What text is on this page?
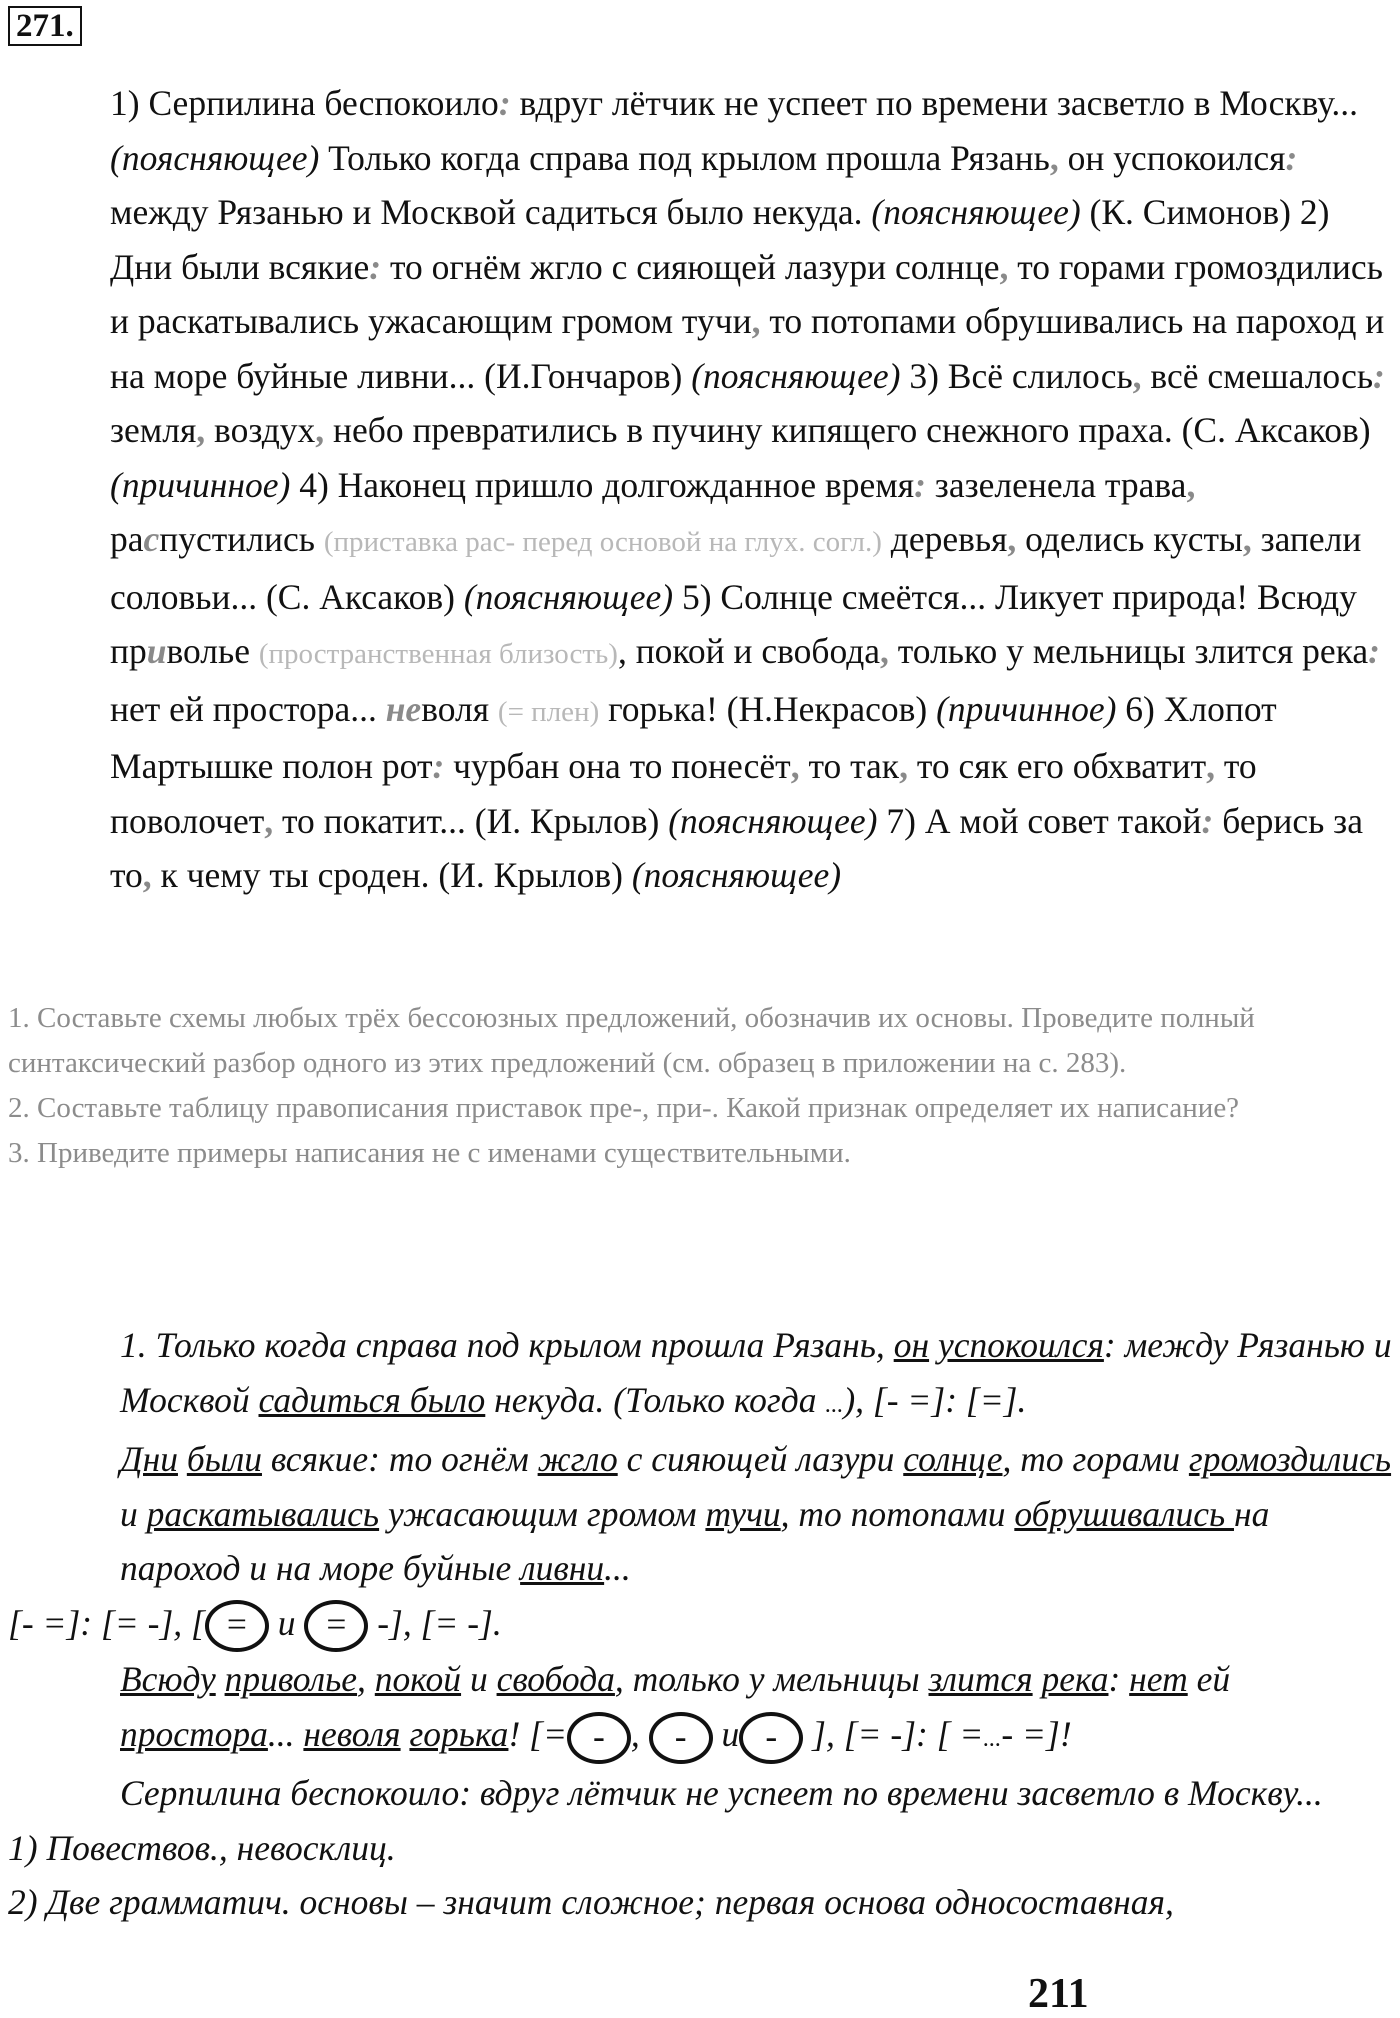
271.

1) Серпилина беспокоило: вдруг лётчик не успеет по времени засветло в Москву... (поясняющее) Только когда справа под крылом прошла Рязань, он успокоился: между Рязанью и Москвой садиться было некуда. (поясняющее) (К. Симонов) 2) Дни были всякие: то огнём жгло с сияющей лазури солнце, то горами громоздились и раскатывались ужасающим громом тучи, то потопами обрушивались на пароход и на море буйные ливни... (И.Гончаров) (поясняющее) 3) Всё слилось, всё смешалось: земля, воздух, небо превратились в пучину кипящего снежного праха. (С. Аксаков) (причинное) 4) Наконец пришло долгожданное время: зазеленела трава, распустились (приставка рас- перед основой на глух. согл.) деревья, оделись кусты, запели соловьи... (С. Аксаков) (поясняющее) 5) Солнце смеётся... Ликует природа! Всюду приволье (пространственная близость), покой и свобода, только у мельницы злится река: нет ей простора... неволя (= плен) горька! (Н.Некрасов) (причинное) 6) Хлопот Мартышке полон рот: чурбан она то понесёт, то так, то сяк его обхватит, то поволочет, то покатит... (И. Крылов) (поясняющее) 7) А мой совет такой: берись за то, к чему ты сроден. (И. Крылов) (поясняющее)

1. Составьте схемы любых трёх бессоюзных предложений, обозначив их основы. Проведите полный синтаксический разбор одного из этих предложений (см. образец в приложении на с. 283).

2. Составьте таблицу правописания приставок пре-, при-. Какой признак определяет их написание?

3. Приведите примеры написания не с именами существительными.

1. Только когда справа под крылом прошла Рязань, он успокоился: между Рязанью и Москвой садиться было некуда. (Только когда ...), [- =]: [=].

Дни были всякие: то огнём жгло с сияющей лазури солнце, то горами громоздились и раскатывались ужасающим громом тучи, то потопами обрушивались на пароход и на море буйные ливни...

[- =]: [= -], [ = и = -], [= -].

Всюду приволье, покой и свобода, только у мельницы злится река: нет ей простора... неволя горька! [= - , - и - ], [= -]: [ =...- =]!

Серпилина беспокоило: вдруг лётчик не успеет по времени засветло в Москву...

1) Повествов., невосклиц.

2) Две грамматич. основы – значит сложное; первая основа односоставная,

211
